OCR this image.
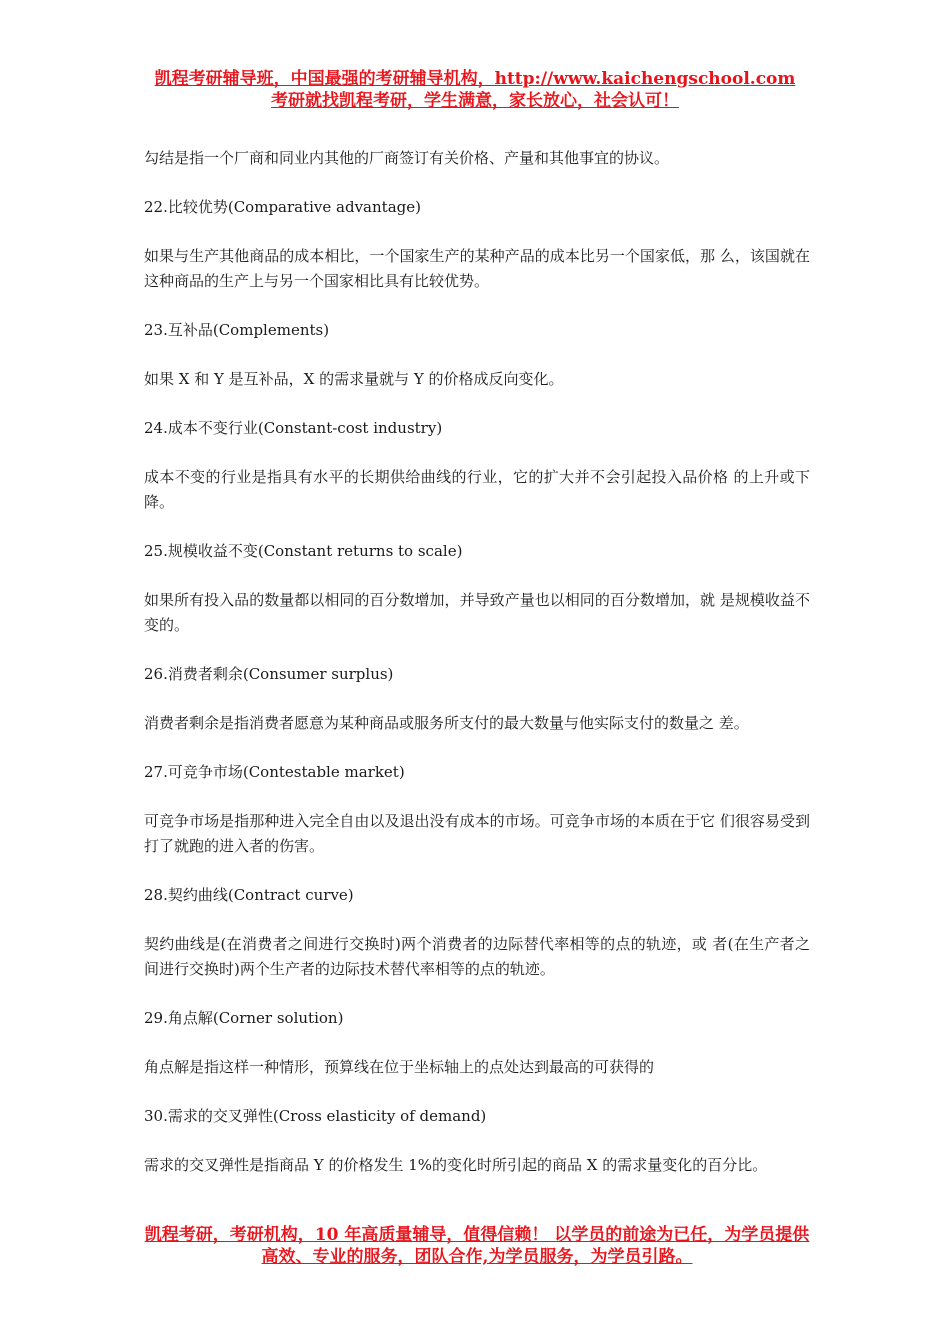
凯程考研辅导班，中国最强的考研辅导机构，http://www.kaichengschool.com
考研就找凯程考研，学生满意，家长放心，社会认可！

勾结是指一个厂商和同业内其他的厂商签订有关价格、产量和其他事宜的协议。

22.比较优势(Comparative advantage)

如果与生产其他商品的成本相比，一个国家生产的某种产品的成本比另一个国家低，那 么，该国就在这种商品的生产上与另一个国家相比具有比较优势。

23.互补品(Complements)

如果 X 和 Y 是互补品，X 的需求量就与 Y 的价格成反向变化。

24.成本不变行业(Constant-cost industry)

成本不变的行业是指具有水平的长期供给曲线的行业，它的扩大并不会引起投入品价格 的上升或下降。

25.规模收益不变(Constant returns to scale)

如果所有投入品的数量都以相同的百分数增加，并导致产量也以相同的百分数增加，就 是规模收益不变的。

26.消费者剩余(Consumer surplus)

消费者剩余是指消费者愿意为某种商品或服务所支付的最大数量与他实际支付的数量之 差。

27.可竞争市场(Contestable market)

可竞争市场是指那种进入完全自由以及退出没有成本的市场。可竞争市场的本质在于它 们很容易受到打了就跑的进入者的伤害。

28.契约曲线(Contract curve)

契约曲线是(在消费者之间进行交换时)两个消费者的边际替代率相等的点的轨迹，或 者(在生产者之间进行交换时)两个生产者的边际技术替代率相等的点的轨迹。

29.角点解(Corner solution)

角点解是指这样一种情形，预算线在位于坐标轴上的点处达到最高的可获得的

30.需求的交叉弹性(Cross elasticity of demand)

需求的交叉弹性是指商品 Y 的价格发生 1%的变化时所引起的商品 X 的需求量变化的百分比。

凯程考研，考研机构，10 年高质量辅导，值得信赖！ 以学员的前途为已任，为学员提供
高效、专业的服务，团队合作,为学员服务，为学员引路。
